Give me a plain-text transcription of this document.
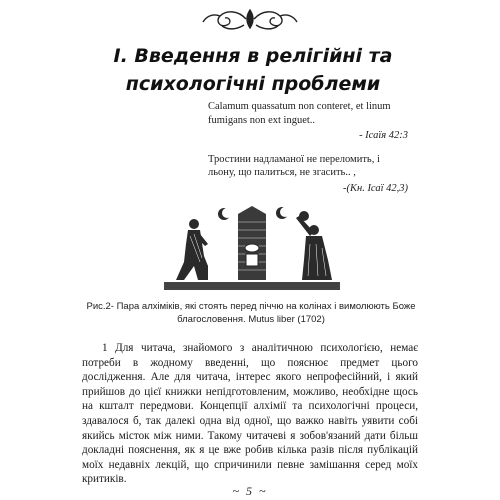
І. Введення в релігійні та психологічні проблеми
Calamum quassatum non conteret, et linum fumigans non ext inguet..
- Ісаїя 42:3
Тростини надламаної не переломить, і льону, що палиться, не згасить.. ,
-(Кн. Ісаї 42,3)
Рис.2- Пара алхіміків, які стоять перед піччю на колінах і вимолюють Боже благословення. Mutus liber (1702)
1 Для читача, знайомого з аналітичною психологією, немає потреби в жодному введенні, що пояснює предмет цього дослідження. Але для читача, інтерес якого непрофесійний, і який прийшов до цієї книжки непідготовленим, можливо, необхідне щось на кшталт передмови. Концепції алхімії та психологічні процеси, здавалося б, так далекі одна від одної, що важко навіть уявити собі якийсь місток між ними. Такому читачеві я зобов'язаний дати більш докладні пояснення, як я це вже робив кілька разів після публікацій моїх недавніх лекцій, що спричинили певне замішання серед моїх критиків.
~ 5 ~
